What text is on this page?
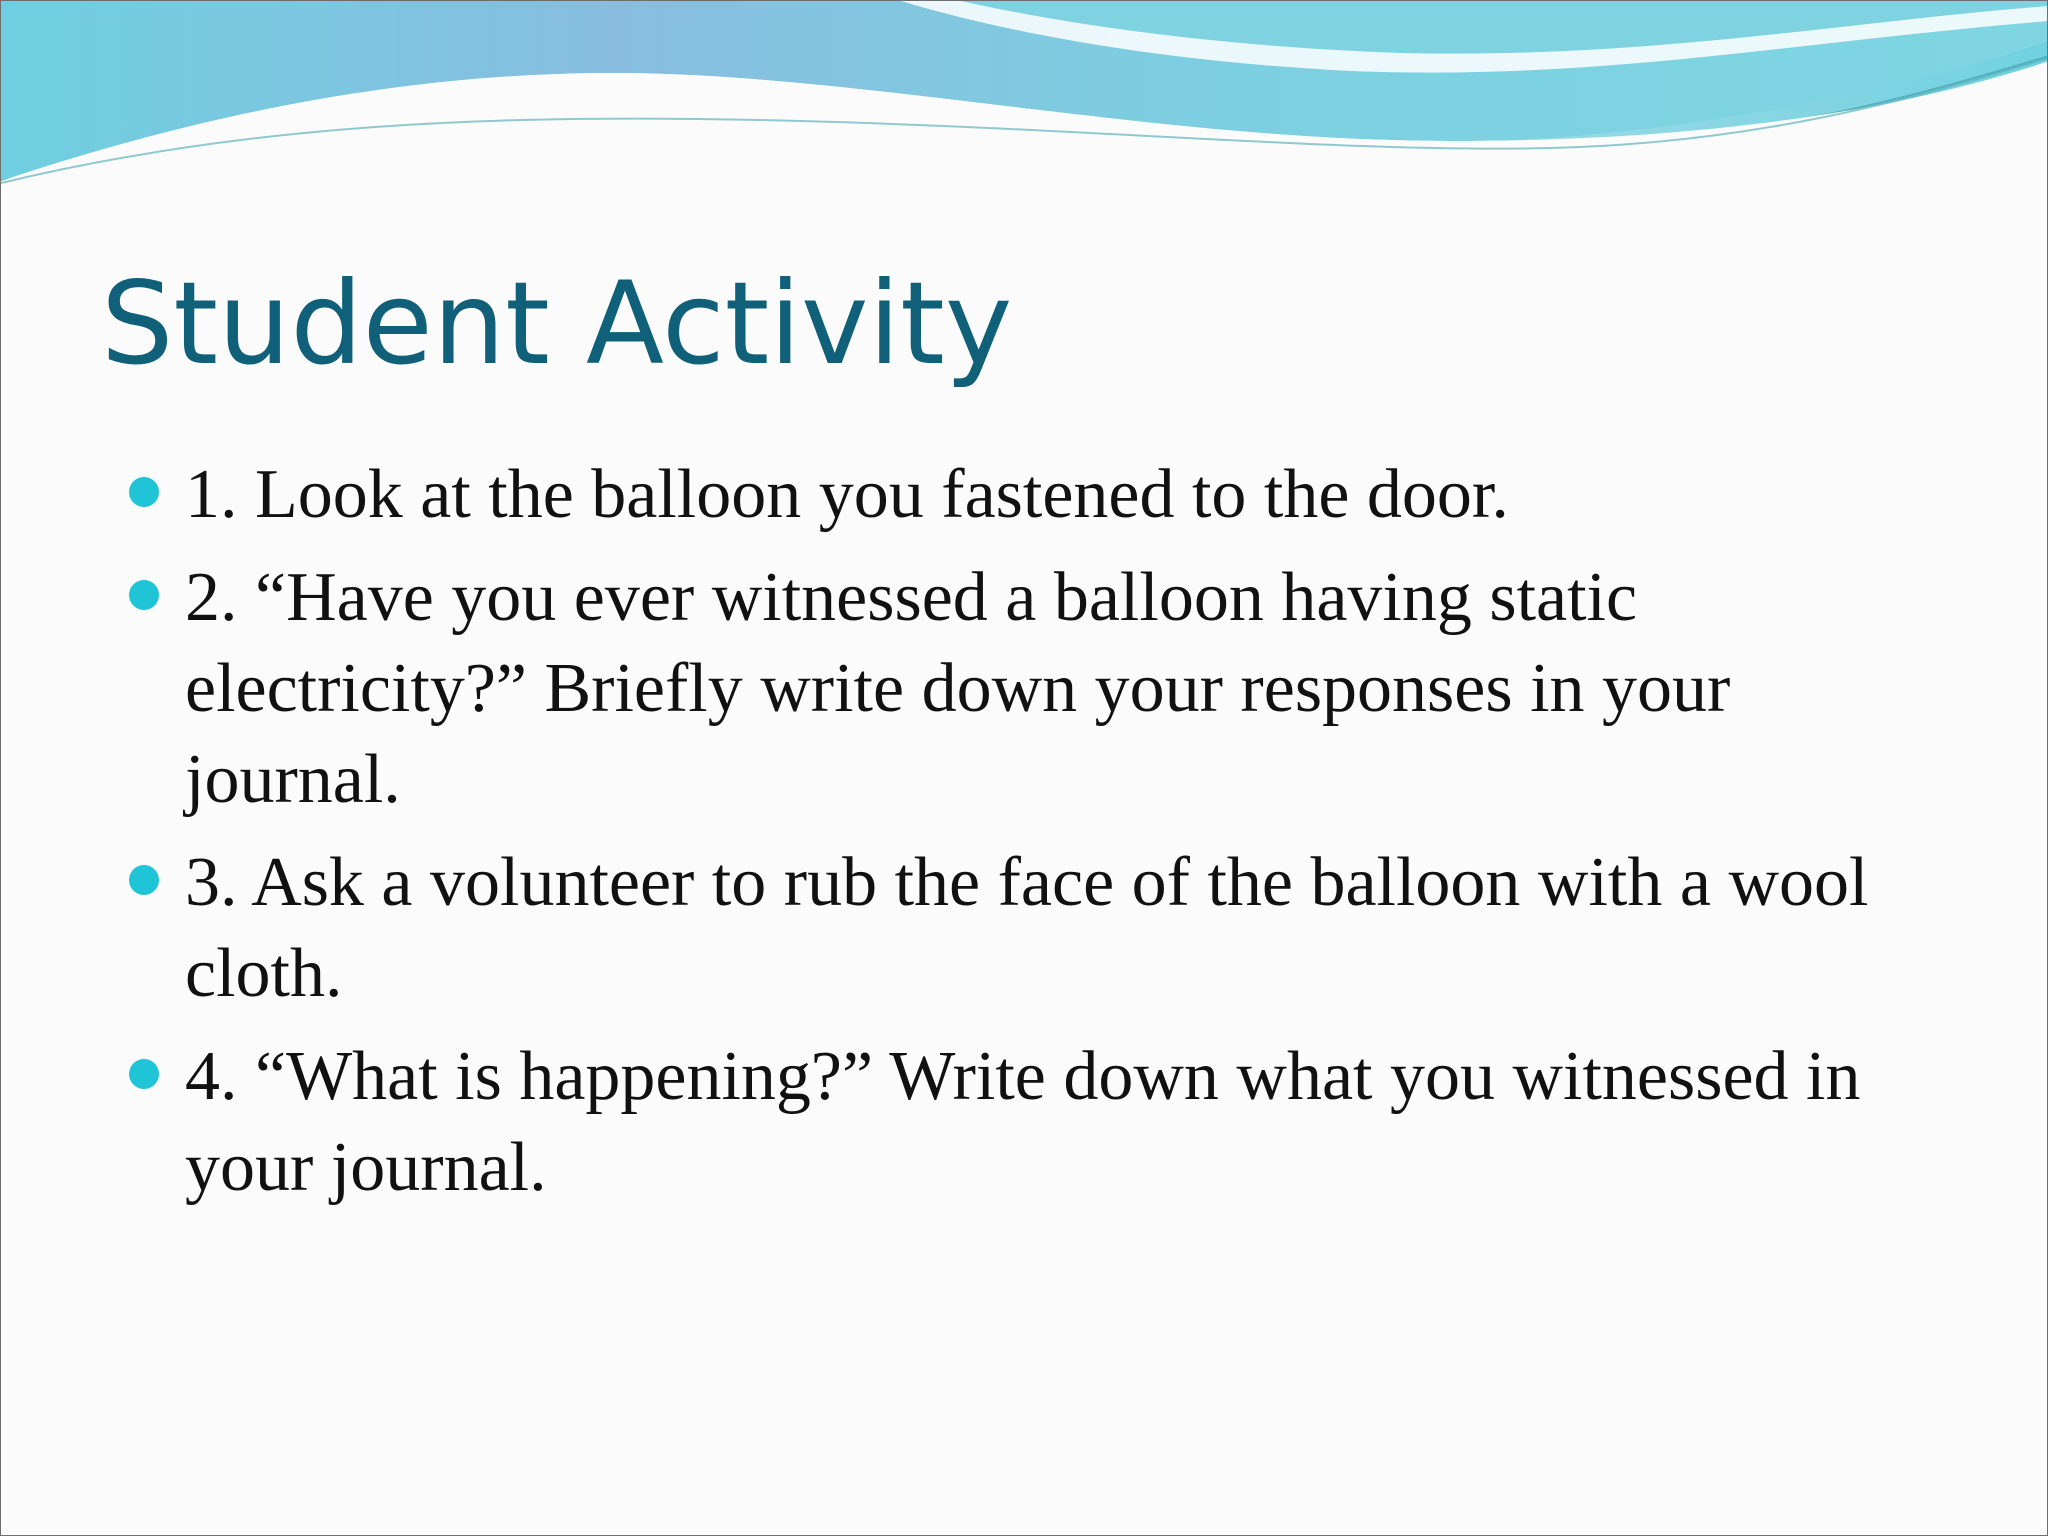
Student Activity
1. Look at the balloon you fastened to the door.
2. “Have you ever witnessed a balloon having static electricity?” Briefly write down your responses in your journal.
3. Ask a volunteer to rub the face of the balloon with a wool cloth.
4. “What is happening?” Write down what you witnessed in your journal.
